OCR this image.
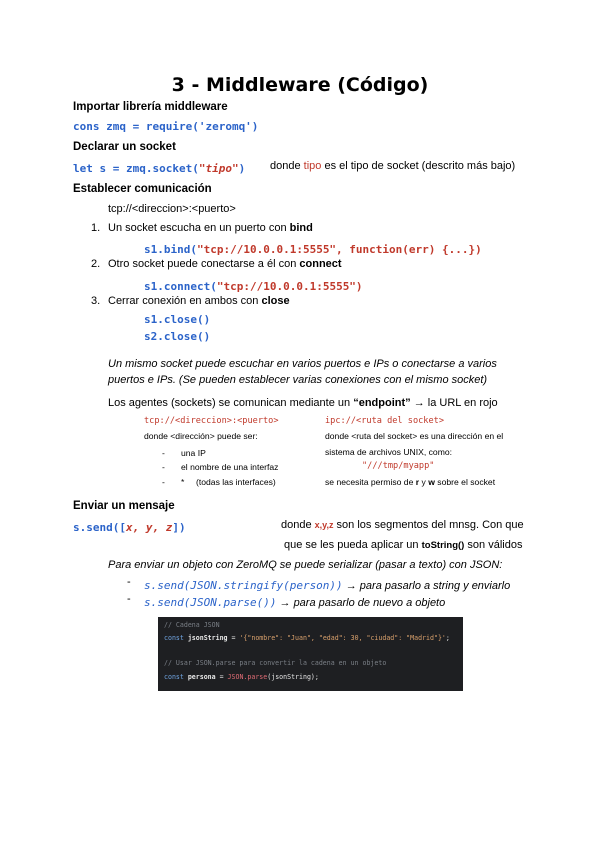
3 - Middleware (Código)
Importar librería middleware
cons zmq = require('zeromq')
Declarar un socket
let s = zmq.socket("tipo") donde tipo es el tipo de socket (descrito más bajo)
Establecer comunicación
tcp://<direccion>:<puerto>
1. Un socket escucha en un puerto con bind
s1.bind("tcp://10.0.0.1:5555", function(err) {...})
2. Otro socket puede conectarse a él con connect
s1.connect("tcp://10.0.0.1:5555")
3. Cerrar conexión en ambos con close
s1.close()
s2.close()
Un mismo socket puede escuchar en varios puertos e IPs o conectarse a varios
puertos e IPs. (Se pueden establecer varias conexiones con el mismo socket)
Los agentes (sockets) se comunican mediante un “endpoint” → la URL en rojo
tcp://<direccion>:<puerto>
donde <dirección> puede ser:
- una IP
- el nombre de una interfaz
- * (todas las interfaces)
ipc://<ruta del socket>
donde <ruta del socket> es una dirección en el
sistema de archivos UNIX, como:
"///tmp/myapp"
se necesita permiso de r y w sobre el socket
Enviar un mensaje
s.send([x, y, z])	donde x,y,z son los segmentos del mnsg. Con que
que se les pueda aplicar un toString() son válidos
Para enviar un objeto con ZeroMQ se puede serializar (pasar a texto) con JSON:
- s.send(JSON.stringify(person)) → para pasarlo a string y enviarlo
- s.send(JSON.parse()) → para pasarlo de nuevo a objeto
// Cadena JSON
const jsonString = '{"nombre": "Juan", "edad": 30, "ciudad": "Madrid"}';
// Usar JSON.parse para convertir la cadena en un objeto
const persona = JSON.parse(jsonString);
